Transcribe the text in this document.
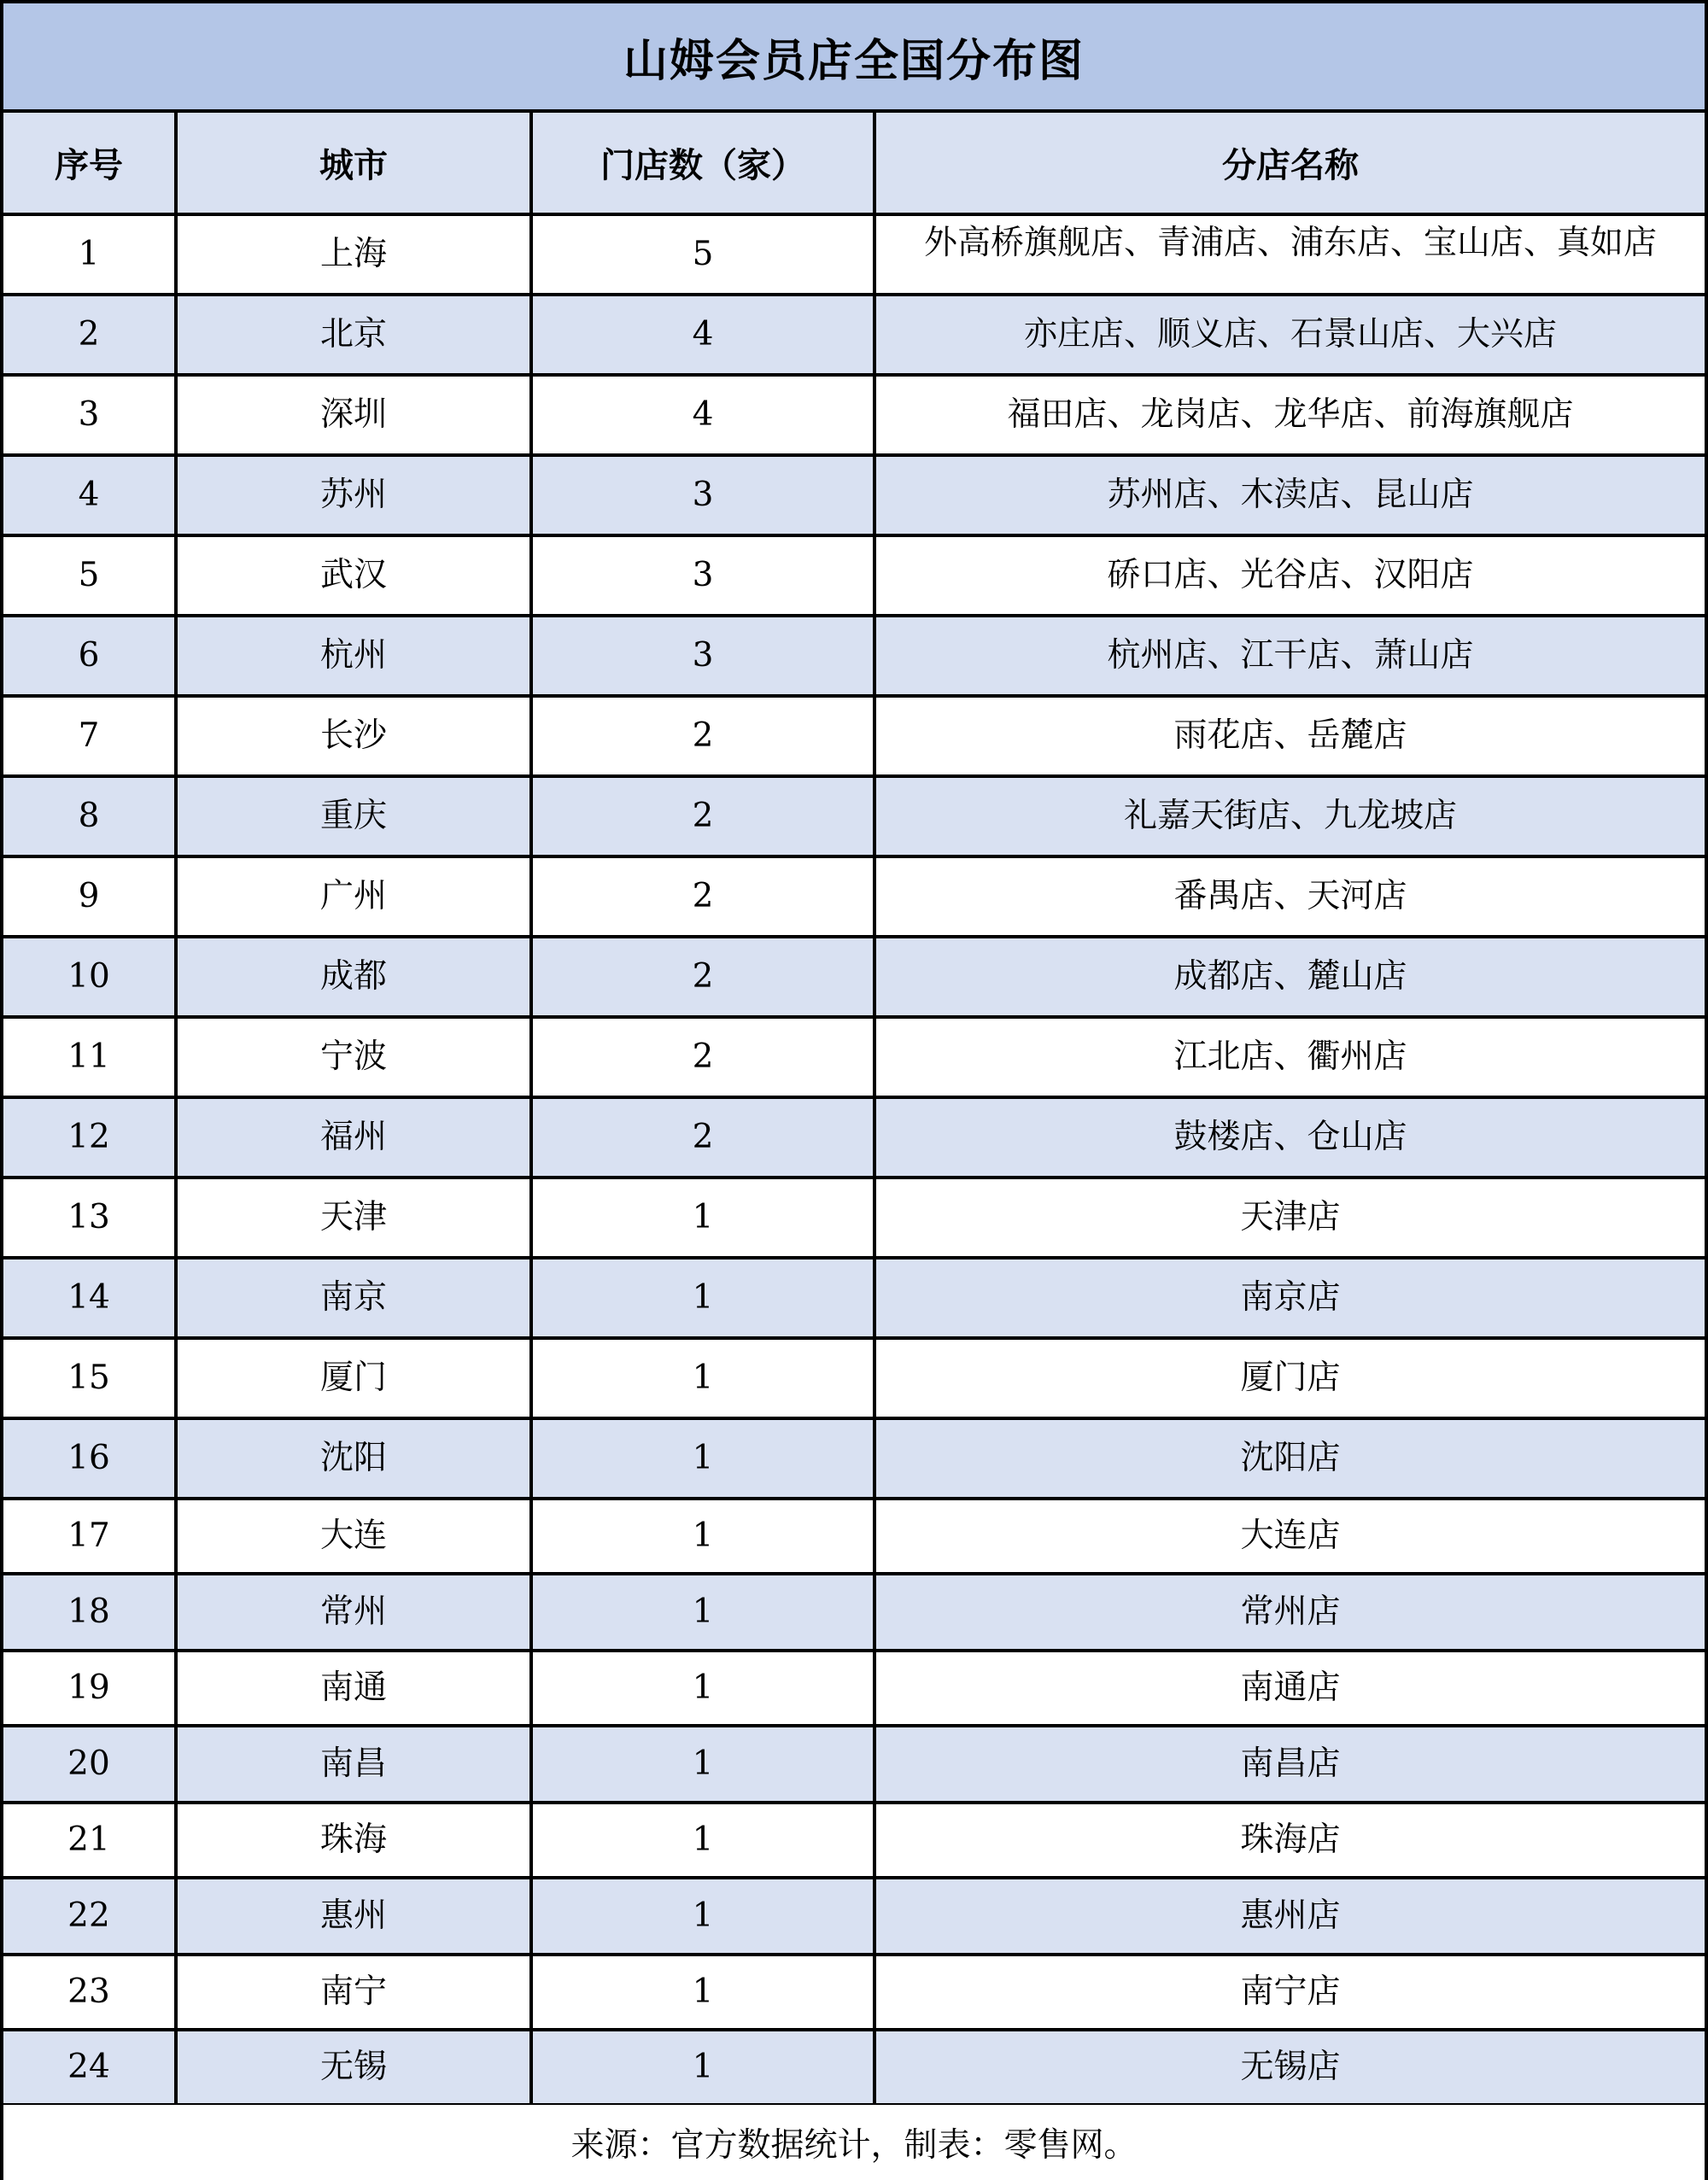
山姆会员店全国分布图
序号	城市	门店数（家）	分店名称
1	上海	5	外高桥旗舰店、青浦店、浦东店、宝山店、真如店

2	北京	4	亦庄店、顺义店、石景山店、大兴店
3	深圳	4	福田店、龙岗店、龙华店、前海旗舰店
4	苏州	3	苏州店、木渎店、昆山店
5	武汉	3	硚口店、光谷店、汉阳店
6	杭州	3	杭州店、江干店、萧山店
7	长沙	2	雨花店、岳麓店
8	重庆	2	礼嘉天街店、九龙坡店
9	广州	2	番禺店、天河店
10	成都	2	成都店、麓山店
11	宁波	2	江北店、衢州店
12	福州	2	鼓楼店、仓山店
13	天津	1	天津店
14	南京	1	南京店
15	厦门	1	厦门店
16	沈阳	1	沈阳店
17	大连	1	大连店
18	常州	1	常州店
19	南通	1	南通店
20	南昌	1	南昌店
21	珠海	1	珠海店
22	惠州	1	惠州店
23	南宁	1	南宁店
24	无锡	1	无锡店
来源：官方数据统计，制表：零售网。
